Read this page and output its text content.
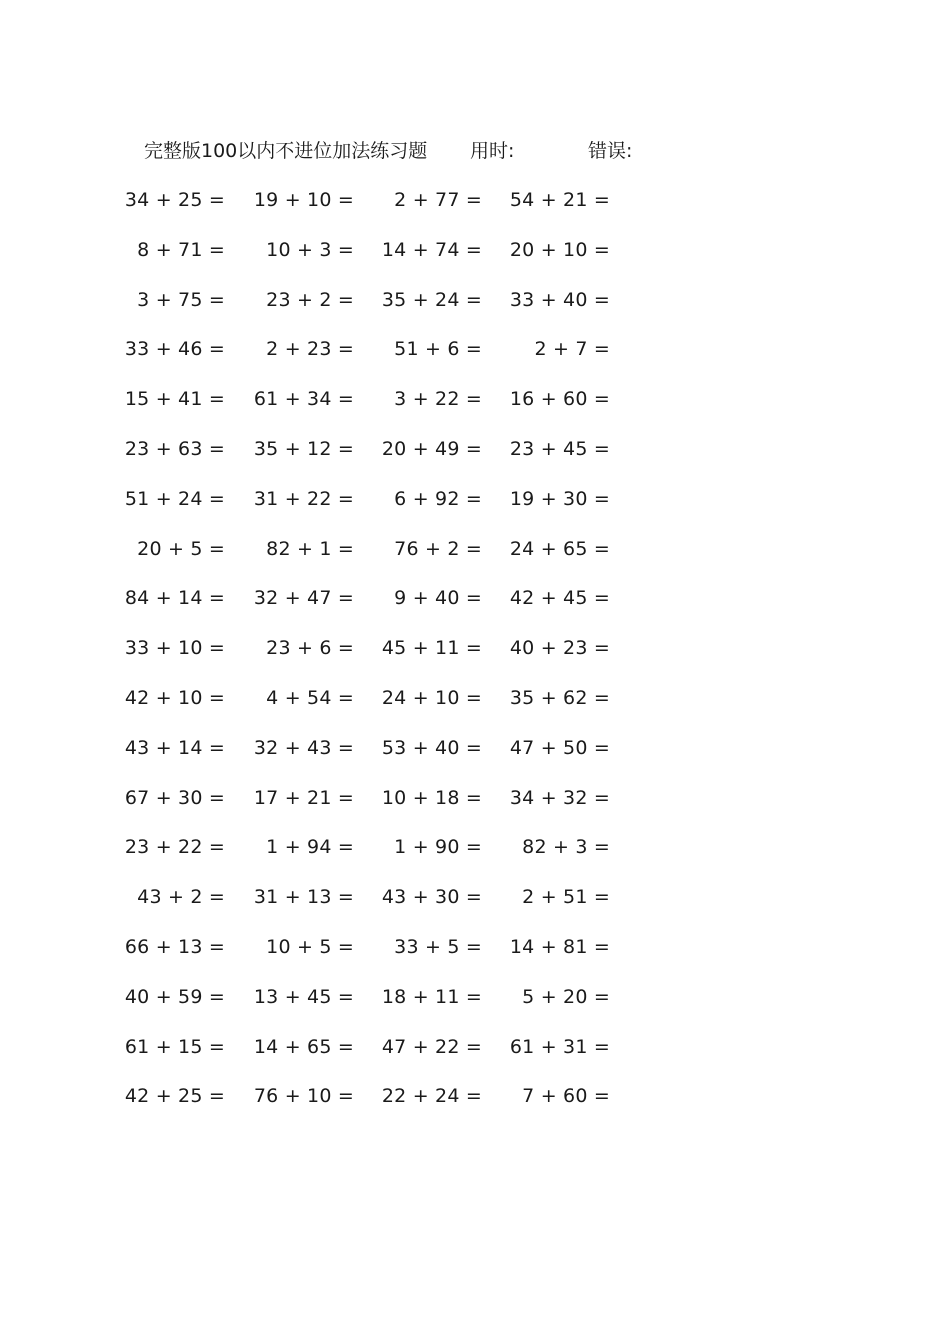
完整版100以内不进位加法练习题 用时:	错误:
34 + 25 = 19 + 10 = 2 + 77 = 54 + 21 =
8 + 71 = 10 + 3 = 14 + 74 = 20 + 10 =
3 + 75 = 23 + 2 = 35 + 24 = 33 + 40 =
33 + 46 = 2 + 23 = 51 + 6 =	2 + 7 =
15 + 41 = 61 + 34 = 3 + 22 = 16 + 60 =
23 + 63 = 35 + 12 = 20 + 49 = 23 + 45 =
51 + 24 = 31 + 22 = 6 + 92 = 19 + 30 =
20 + 5 = 82 + 1 = 76 + 2 = 24 + 65 =
84 + 14 = 32 + 47 = 9 + 40 = 42 + 45 =
33 + 10 = 23 + 6 = 45 + 11 = 40 + 23 =
42 + 10 = 4 + 54 = 24 + 10 = 35 + 62 =
43 + 14 = 32 + 43 = 53 + 40 = 47 + 50 =
67 + 30 = 17 + 21 = 10 + 18 = 34 + 32 =
23 + 22 = 1 + 94 = 1 + 90 = 82 + 3 =
43 + 2 = 31 + 13 = 43 + 30 = 2 + 51 =
66 + 13 = 10 + 5 = 33 + 5 = 14 + 81 =
40 + 59 = 13 + 45 = 18 + 11 = 5 + 20 =
61 + 15 = 14 + 65 = 47 + 22 = 61 + 31 =
42 + 25 = 76 + 10 = 22 + 24 = 7 + 60 =
